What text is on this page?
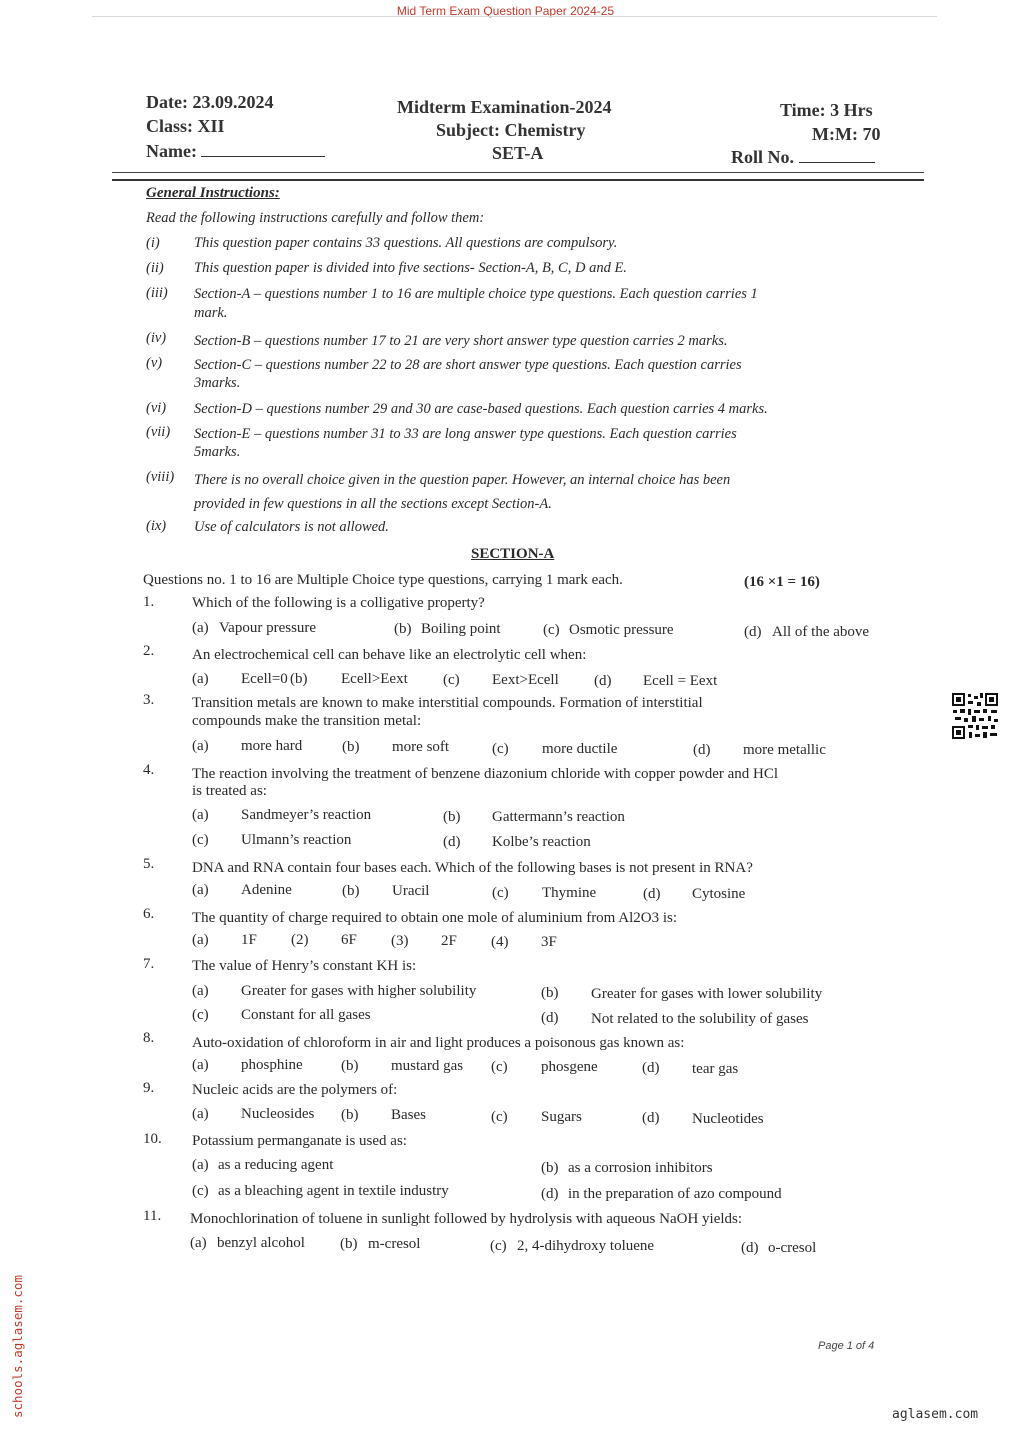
Mid Term Exam Question Paper 2024-25
Date: 23.09.2024
Class: XII
Name:
Midterm Examination-2024
Subject: Chemistry
SET-A
Time: 3 Hrs
M:M: 70
Roll No.
General Instructions:
Read the following instructions carefully and follow them:
(i) This question paper contains 33 questions. All questions are compulsory.
(ii) This question paper is divided into five sections- Section-A, B, C, D and E.
(iii) Section-A – questions number 1 to 16 are multiple choice type questions. Each question carries 1
mark.
(iv) Section-B – questions number 17 to 21 are very short answer type question carries 2 marks.
(v) Section-C – questions number 22 to 28 are short answer type questions. Each question carries
3marks.
(vi) Section-D – questions number 29 and 30 are case-based questions. Each question carries 4 marks.
(vii) Section-E – questions number 31 to 33 are long answer type questions. Each question carries
5marks.
(viii) There is no overall choice given in the question paper. However, an internal choice has been
provided in few questions in all the sections except Section-A.
(ix) Use of calculators is not allowed.
SECTION-A
Questions no. 1 to 16 are Multiple Choice type questions, carrying 1 mark each.	(16 ×1 = 16)
1.	Which of the following is a colligative property?
(a) Vapour pressure	(b) Boiling point	(c) Osmotic pressure	(d) All of the above
2.	An electrochemical cell can behave like an electrolytic cell when:
(a) Ecell=0 (b) Ecell>Eext (c) Eext>Ecell (d) Ecell = Eext
3.	Transition metals are known to make interstitial compounds. Formation of interstitial
compounds make the transition metal:
(a) more hard	(b) more soft	(c) more ductile	(d) more metallic
4.	The reaction involving the treatment of benzene diazonium chloride with copper powder and HCl
is treated as:
(a) Sandmeyer’s reaction	(b) Gattermann’s reaction
(c) Ulmann’s reaction	(d) Kolbe’s reaction
5.	DNA and RNA contain four bases each. Which of the following bases is not present in RNA?
(a) Adenine	(b) Uracil	(c) Thymine	(d) Cytosine
6.	The quantity of charge required to obtain one mole of aluminium from Al2O3 is:
(a) 1F (2) 6F (3) 2F (4) 3F
7.	The value of Henry’s constant KH is:
(a) Greater for gases with higher solubility	(b) Greater for gases with lower solubility
(c) Constant for all gases	(d) Not related to the solubility of gases
8.	Auto-oxidation of chloroform in air and light produces a poisonous gas known as:
(a) phosphine	(b) mustard gas (c) phosgene	(d) tear gas
9.	Nucleic acids are the polymers of:
(a) Nucleosides (b) Bases	(c) Sugars	(d) Nucleotides
10. Potassium permanganate is used as:
(a) as a reducing agent	(b) as a corrosion inhibitors
(c) as a bleaching agent in textile industry	(d) in the preparation of azo compound
11. Monochlorination of toluene in sunlight followed by hydrolysis with aqueous NaOH yields:
(a) benzyl alcohol (b) m-cresol	(c) 2, 4-dihydroxy toluene	(d) o-cresol
Page 1 of 4
schools.aglasem.com	aglasem.com
